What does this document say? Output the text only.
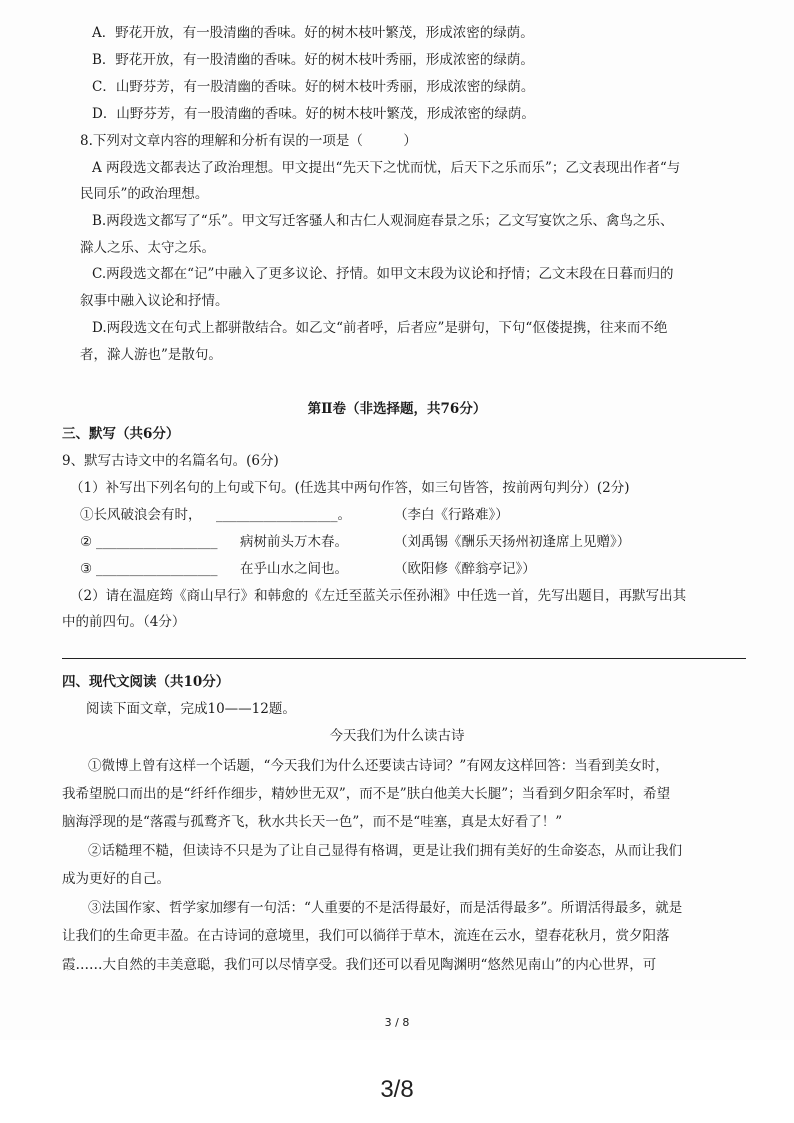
A．野花开放，有一股清幽的香味。好的树木枝叶繁茂，形成浓密的绿荫。
B．野花开放，有一股清幽的香味。好的树木枝叶秀丽，形成浓密的绿荫。
C．山野芬芳，有一股清幽的香味。好的树木枝叶秀丽，形成浓密的绿荫。
D．山野芬芳，有一股清幽的香味。好的树木枝叶繁茂，形成浓密的绿荫。
8.下列对文章内容的理解和分析有误的一项是（　　　）
A 两段选文都表达了政治理想。甲文提出“先天下之忧而忧，后天下之乐而乐”；乙文表现出作者“与
民同乐”的政治理想。
B.两段选文都写了“乐”。甲文写迁客骚人和古仁人观洞庭春景之乐；乙文写宴饮之乐、禽鸟之乐、
滁人之乐、太守之乐。
C.两段选文都在“记”中融入了更多议论、抒情。如甲文末段为议论和抒情；乙文末段在日暮而归的
叙事中融入议论和抒情。
D.两段选文在句式上都骈散结合。如乙文“前者呼，后者应”是骈句，下句“伛偻提携，往来而不绝
者，滁人游也”是散句。
第Ⅱ卷（非选择题，共76分）
三、默写（共6分）
9、默写古诗文中的名篇名句。(6分)
（1）补写出下列名句的上句或下句。(任选其中两句作答，如三句皆答，按前两句判分）(2分)
①长风破浪会有时， __________________。	（李白《行路难》）
② __________________ 病树前头万木春。	（刘禹锡《酬乐天扬州初逢席上见赠》）
③ __________________ 在乎山水之间也。	（欧阳修《醉翁亭记》）
（2）请在温庭筠《商山早行》和韩愈的《左迁至蓝关示侄孙湘》中任选一首，先写出题目，再默写出其
中的前四句。（4分）
四、现代文阅读（共10分）
阅读下面文章，完成10——12题。
今天我们为什么读古诗
①微博上曾有这样一个话题，“今天我们为什么还要读古诗词？”有网友这样回答：当看到美女时，
我希望脱口而出的是“纤纤作细步，精妙世无双”，而不是”肤白他美大长腿”；当看到夕阳余军时，希望
脑海浮现的是“落霞与孤鹜齐飞，秋水共长天一色”，而不是“哇塞，真是太好看了！”
②话糙理不糙，但读诗不只是为了让自己显得有格调，更是让我们拥有美好的生命姿态，从而让我们
成为更好的自己。
③法国作家、哲学家加缪有一句活：“人重要的不是活得最好，而是活得最多”。所谓活得最多，就是
让我们的生命更丰盈。在古诗词的意境里，我们可以徜徉于草木，流连在云水，望春花秋月，赏夕阳落
霞……大自然的丰美意聪，我们可以尽情享受。我们还可以看见陶渊明“悠然见南山”的内心世界，可
3 / 8
3/8
